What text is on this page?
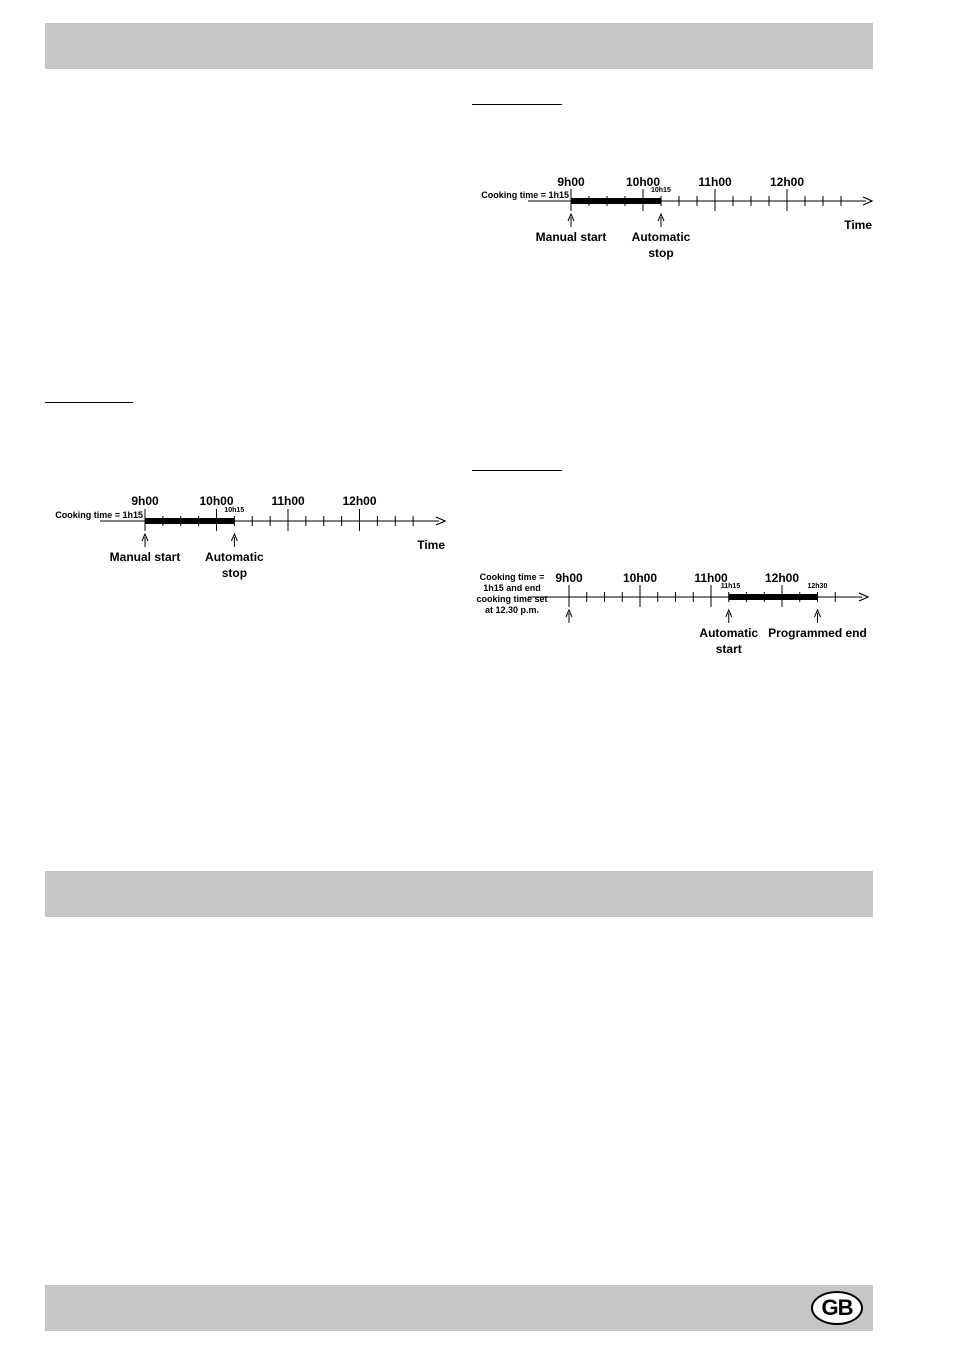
GB
9h00	10h00	11h00	12h00
10h15
Cooking time = 1h15
Time
Manual start Automatic
stop
9h00	10h00	11h00	12h00
10h15
Cooking time = 1h15
Time
Manual start Automatic
stop
9h00	10h00	11h00	12h00
11h15	12h30
Cooking time =
1h15 and end
cooking time set
at 12.30 p.m.
Automatic
start
Programmed end
